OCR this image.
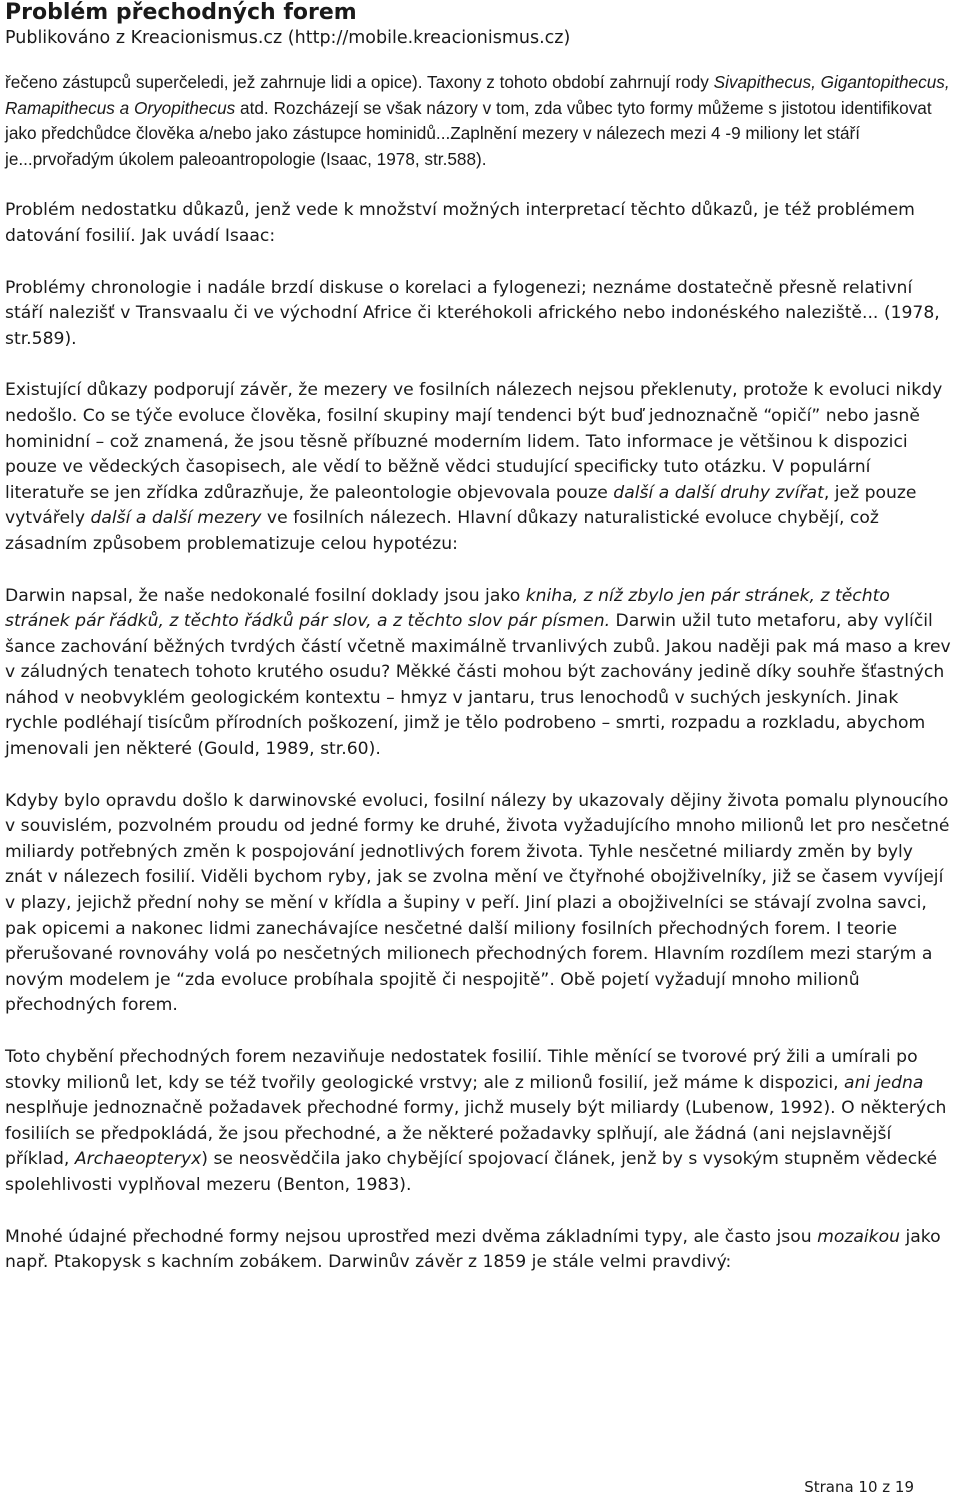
Problém přechodných forem

Publikováno z Kreacionismus.cz (http://mobile.kreacionismus.cz)

řečeno zástupců superčeledi, jež zahrnuje lidi a opice). Taxony z tohoto období zahrnují rody Sivapithecus, Gigantopithecus, Ramapithecus a Oryopithecus atd. Rozcházejí se však názory v tom, zda vůbec tyto formy můžeme s jistotou identifikovat jako předchůdce člověka a/nebo jako zástupce hominidů...Zaplnění mezery v nálezech mezi 4 -9 miliony let stáří je...prvořadým úkolem paleoantropologie (Isaac, 1978, str.588).

Problém nedostatku důkazů, jenž vede k množství možných interpretací těchto důkazů, je též problémem datování fosilií. Jak uvádí Isaac:

Problémy chronologie i nadále brzdí diskuse o korelaci a fylogenezi; neznáme dostatečně přesně relativní stáří nalezišť v Transvaalu či ve východní Africe či kteréhokoli afrického nebo indonéského naleziště... (1978, str.589).

Existující důkazy podporují závěr, že mezery ve fosilních nálezech nejsou překlenuty, protože k evoluci nikdy nedošlo. Co se týče evoluce člověka, fosilní skupiny mají tendenci být buď jednoznačně “opičí” nebo jasně hominidní – což znamená, že jsou těsně příbuzné moderním lidem. Tato informace je většinou k dispozici pouze ve vědeckých časopisech, ale vědí to běžně vědci studující specificky tuto otázku. V populární literatuře se jen zřídka zdůrazňuje, že paleontologie objevovala pouze další a další druhy zvířat, jež pouze vytvářely další a další mezery ve fosilních nálezech. Hlavní důkazy naturalistické evoluce chybějí, což zásadním způsobem problematizuje celou hypotézu:

Darwin napsal, že naše nedokonalé fosilní doklady jsou jako kniha, z níž zbylo jen pár stránek, z těchto stránek pár řádků, z těchto řádků pár slov, a z těchto slov pár písmen. Darwin užil tuto metaforu, aby vylíčil šance zachování běžných tvrdých částí včetně maximálně trvanlivých zubů. Jakou naději pak má maso a krev v záludných tenatech tohoto krutého osudu? Měkké části mohou být zachovány jedině díky souhře šťastných náhod v neobvyklém geologickém kontextu – hmyz v jantaru, trus lenochodů v suchých jeskyních. Jinak rychle podléhají tisícům přírodních poškození, jimž je tělo podrobeno – smrti, rozpadu a rozkladu, abychom jmenovali jen některé (Gould, 1989, str.60).

Kdyby bylo opravdu došlo k darwinovské evoluci, fosilní nálezy by ukazovaly dějiny života pomalu plynoucího v souvislém, pozvolném proudu od jedné formy ke druhé, života vyžadujícího mnoho milionů let pro nesčetné miliardy potřebných změn k pospojování jednotlivých forem života. Tyhle nesčetné miliardy změn by byly znát v nálezech fosilií. Viděli bychom ryby, jak se zvolna mění ve čtyřnohé obojživelníky, již se časem vyvíjejí v plazy, jejichž přední nohy se mění v křídla a šupiny v peří. Jiní plazi a obojživelníci se stávají zvolna savci, pak opicemi a nakonec lidmi zanechávajíce nesčetné další miliony fosilních přechodných forem. I teorie přerušované rovnováhy volá po nesčetných milionech přechodných forem. Hlavním rozdílem mezi starým a novým modelem je “zda evoluce probíhala spojitě či nespojitě”. Obě pojetí vyžadují mnoho milionů přechodných forem.

Toto chybění přechodných forem nezaviňuje nedostatek fosilií. Tihle měnící se tvorové prý žili a umírali po stovky milionů let, kdy se též tvořily geologické vrstvy; ale z milionů fosilií, jež máme k dispozici, ani jedna nesplňuje jednoznačně požadavek přechodné formy, jichž musely být miliardy (Lubenow, 1992). O některých fosiliích se předpokládá, že jsou přechodné, a že některé požadavky splňují, ale žádná (ani nejslavnější příklad, Archaeopteryx) se neosvědčila jako chybějící spojovací článek, jenž by s vysokým stupněm vědecké spolehlivosti vyplňoval mezeru (Benton, 1983).

Mnohé údajné přechodné formy nejsou uprostřed mezi dvěma základními typy, ale často jsou mozaikou jako např. Ptakopysk s kachním zobákem. Darwinův závěr z 1859 je stále velmi pravdivý:

Strana 10 z 19
